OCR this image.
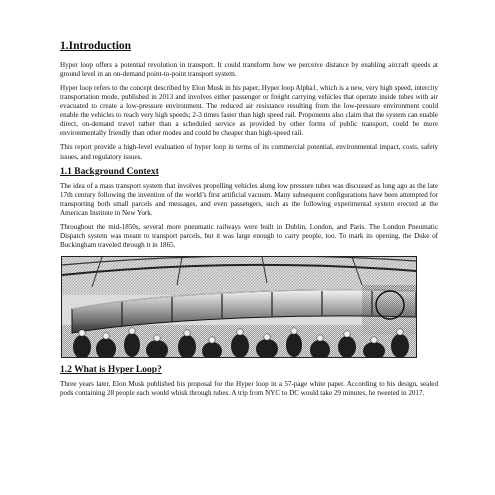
1.Introduction

Hyper loop offers a potential revolution in transport. It could transform how we perceive distance by enabling aircraft speeds at ground level in an on-demand point-to-point transport system.

Hyper loop refers to the concept described by Elon Musk in his paper, Hyper loop Alpha1, which is a new, very high speed, intercity transportation mode, published in 2013 and involves either passenger or freight carrying vehicles that operate inside tubes with air evacuated to create a low-pressure environment. The reduced air resistance resulting from the low-pressure environment could enable the vehicles to reach very high speeds; 2-3 times faster than high speed rail. Proponents also claim that the system can enable direct, on-demand travel rather than a scheduled service as provided by other forms of public transport, could be more environmentally friendly than other modes and could be cheaper than high-speed rail.

This report provide a high-level evaluation of hyper loop in terms of its commercial potential, environmental impact, costs, safety issues, and regulatory issues.

1.1 Background Context

The idea of a mass transport system that involves propelling vehicles along low pressure tubes was discussed as long ago as the late 17th century following the invention of the world’s first artificial vacuum. Many subsequent configurations have been attempted for transporting both small parcels and messages, and even passengers, such as the following experimental system erected at the American Institute in New York.

Throughout the mid-1850s, several more pneumatic railways were built in Dublin, London, and Paris. The London Pneumatic Dispatch system was meant to transport parcels, but it was large enough to carry people, too. To mark its opening, the Duke of Buckingham traveled through it in 1865.

1.2 What is Hyper Loop?

Three years later, Elon Musk published his proposal for the Hyper loop in a 57-page white paper. According to his design, sealed pods containing 28 people each would whisk through tubes. A trip from NYC to DC would take 29 minutes, he tweeted in 2017.
